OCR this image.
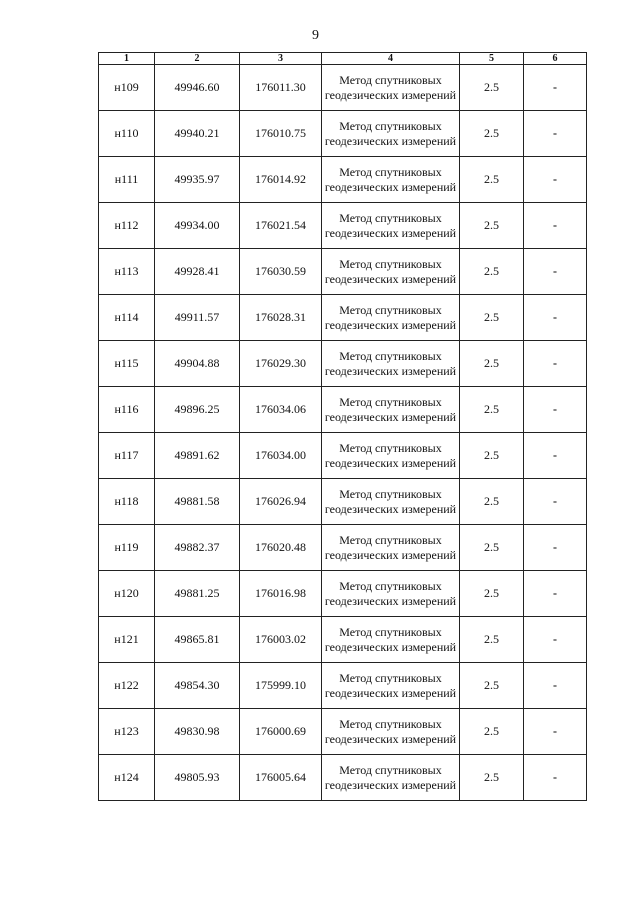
9
1	2	3	4	5	6
н109	49946.60	176011.30	Метод спутниковых геодезических измерений	2.5	-
н110	49940.21	176010.75	Метод спутниковых геодезических измерений	2.5	-
н111	49935.97	176014.92	Метод спутниковых геодезических измерений	2.5	-
н112	49934.00	176021.54	Метод спутниковых геодезических измерений	2.5	-
н113	49928.41	176030.59	Метод спутниковых геодезических измерений	2.5	-
н114	49911.57	176028.31	Метод спутниковых геодезических измерений	2.5	-
н115	49904.88	176029.30	Метод спутниковых геодезических измерений	2.5	-
н116	49896.25	176034.06	Метод спутниковых геодезических измерений	2.5	-
н117	49891.62	176034.00	Метод спутниковых геодезических измерений	2.5	-
н118	49881.58	176026.94	Метод спутниковых геодезических измерений	2.5	-
н119	49882.37	176020.48	Метод спутниковых геодезических измерений	2.5	-
н120	49881.25	176016.98	Метод спутниковых геодезических измерений	2.5	-
н121	49865.81	176003.02	Метод спутниковых геодезических измерений	2.5	-
н122	49854.30	175999.10	Метод спутниковых геодезических измерений	2.5	-
н123	49830.98	176000.69	Метод спутниковых геодезических измерений	2.5	-
н124	49805.93	176005.64	Метод спутниковых геодезических измерений	2.5	-
